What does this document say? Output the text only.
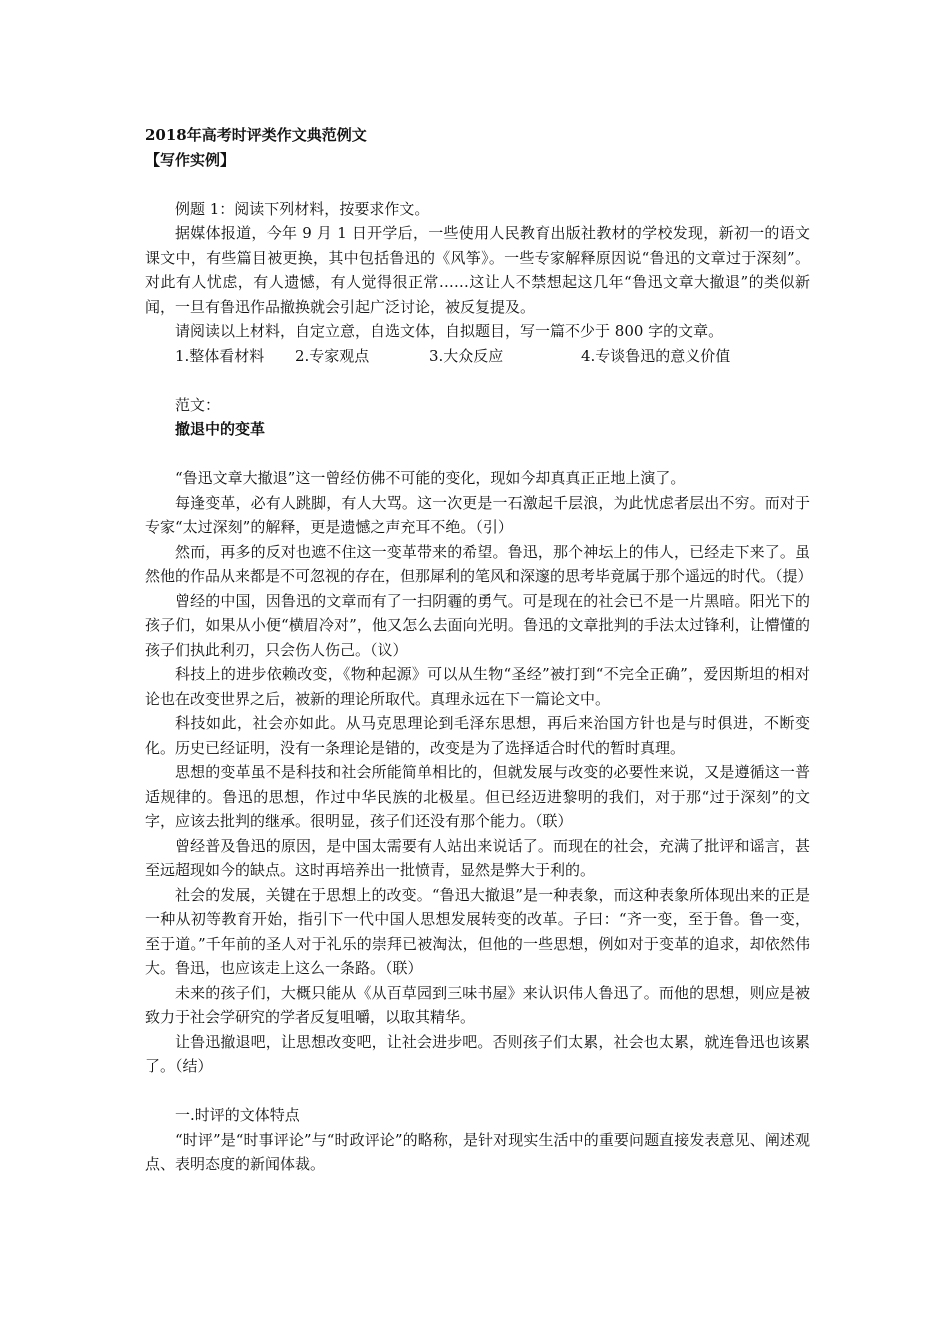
2018年高考时评类作文典范例文
【写作实例】
例题 1：阅读下列材料，按要求作文。

据媒体报道，今年 9 月 1 日开学后，一些使用人民教育出版社教材的学校发现，新初一的语文课文中，有些篇目被更换，其中包括鲁迅的《风筝》。一些专家解释原因说“鲁迅的文章过于深刻”。对此有人忧虑，有人遗憾，有人觉得很正常……这让人不禁想起这几年“鲁迅文章大撤退”的类似新闻，一旦有鲁迅作品撤换就会引起广泛讨论，被反复提及。

请阅读以上材料，自定立意，自选文体，自拟题目，写一篇不少于 800 字的文章。
1.整体看材料 2.专家观点	3.大众反应	4.专谈鲁迅的意义价值
范文：
撤退中的变革

“鲁迅文章大撤退”这一曾经仿佛不可能的变化，现如今却真真正正地上演了。

每逢变革，必有人跳脚，有人大骂。这一次更是一石激起千层浪，为此忧虑者层出不穷。而对于专家“太过深刻”的解释，更是遗憾之声充耳不绝。（引）

然而，再多的反对也遮不住这一变革带来的希望。鲁迅，那个神坛上的伟人，已经走下来了。虽然他的作品从来都是不可忽视的存在，但那犀利的笔风和深邃的思考毕竟属于那个遥远的时代。（提）

曾经的中国，因鲁迅的文章而有了一扫阴霾的勇气。可是现在的社会已不是一片黑暗。阳光下的孩子们，如果从小便“横眉冷对”，他又怎么去面向光明。鲁迅的文章批判的手法太过锋利，让懵懂的孩子们执此利刃，只会伤人伤己。（议）

科技上的进步依赖改变，《物种起源》可以从生物“圣经”被打到“不完全正确”，爱因斯坦的相对论也在改变世界之后，被新的理论所取代。真理永远在下一篇论文中。

科技如此，社会亦如此。从马克思理论到毛泽东思想，再后来治国方针也是与时俱进，不断变化。历史已经证明，没有一条理论是错的，改变是为了选择适合时代的暂时真理。

思想的变革虽不是科技和社会所能简单相比的，但就发展与改变的必要性来说，又是遵循这一普适规律的。鲁迅的思想，作过中华民族的北极星。但已经迈进黎明的我们，对于那“过于深刻”的文字，应该去批判的继承。很明显，孩子们还没有那个能力。（联）

曾经普及鲁迅的原因，是中国太需要有人站出来说话了。而现在的社会，充满了批评和谣言，甚至远超现如今的缺点。这时再培养出一批愤青，显然是弊大于利的。

社会的发展，关键在于思想上的改变。“鲁迅大撤退”是一种表象，而这种表象所体现出来的正是一种从初等教育开始，指引下一代中国人思想发展转变的改革。子曰：“齐一变，至于鲁。鲁一变，至于道。”千年前的圣人对于礼乐的崇拜已被淘汰，但他的一些思想，例如对于变革的追求，却依然伟大。鲁迅，也应该走上这么一条路。（联）

未来的孩子们，大概只能从《从百草园到三味书屋》来认识伟人鲁迅了。而他的思想，则应是被致力于社会学研究的学者反复咀嚼，以取其精华。

让鲁迅撤退吧，让思想改变吧，让社会进步吧。否则孩子们太累，社会也太累，就连鲁迅也该累了。（结）

一.时评的文体特点

“时评”是“时事评论”与“时政评论”的略称，是针对现实生活中的重要问题直接发表意见、阐述观点、表明态度的新闻体裁。
